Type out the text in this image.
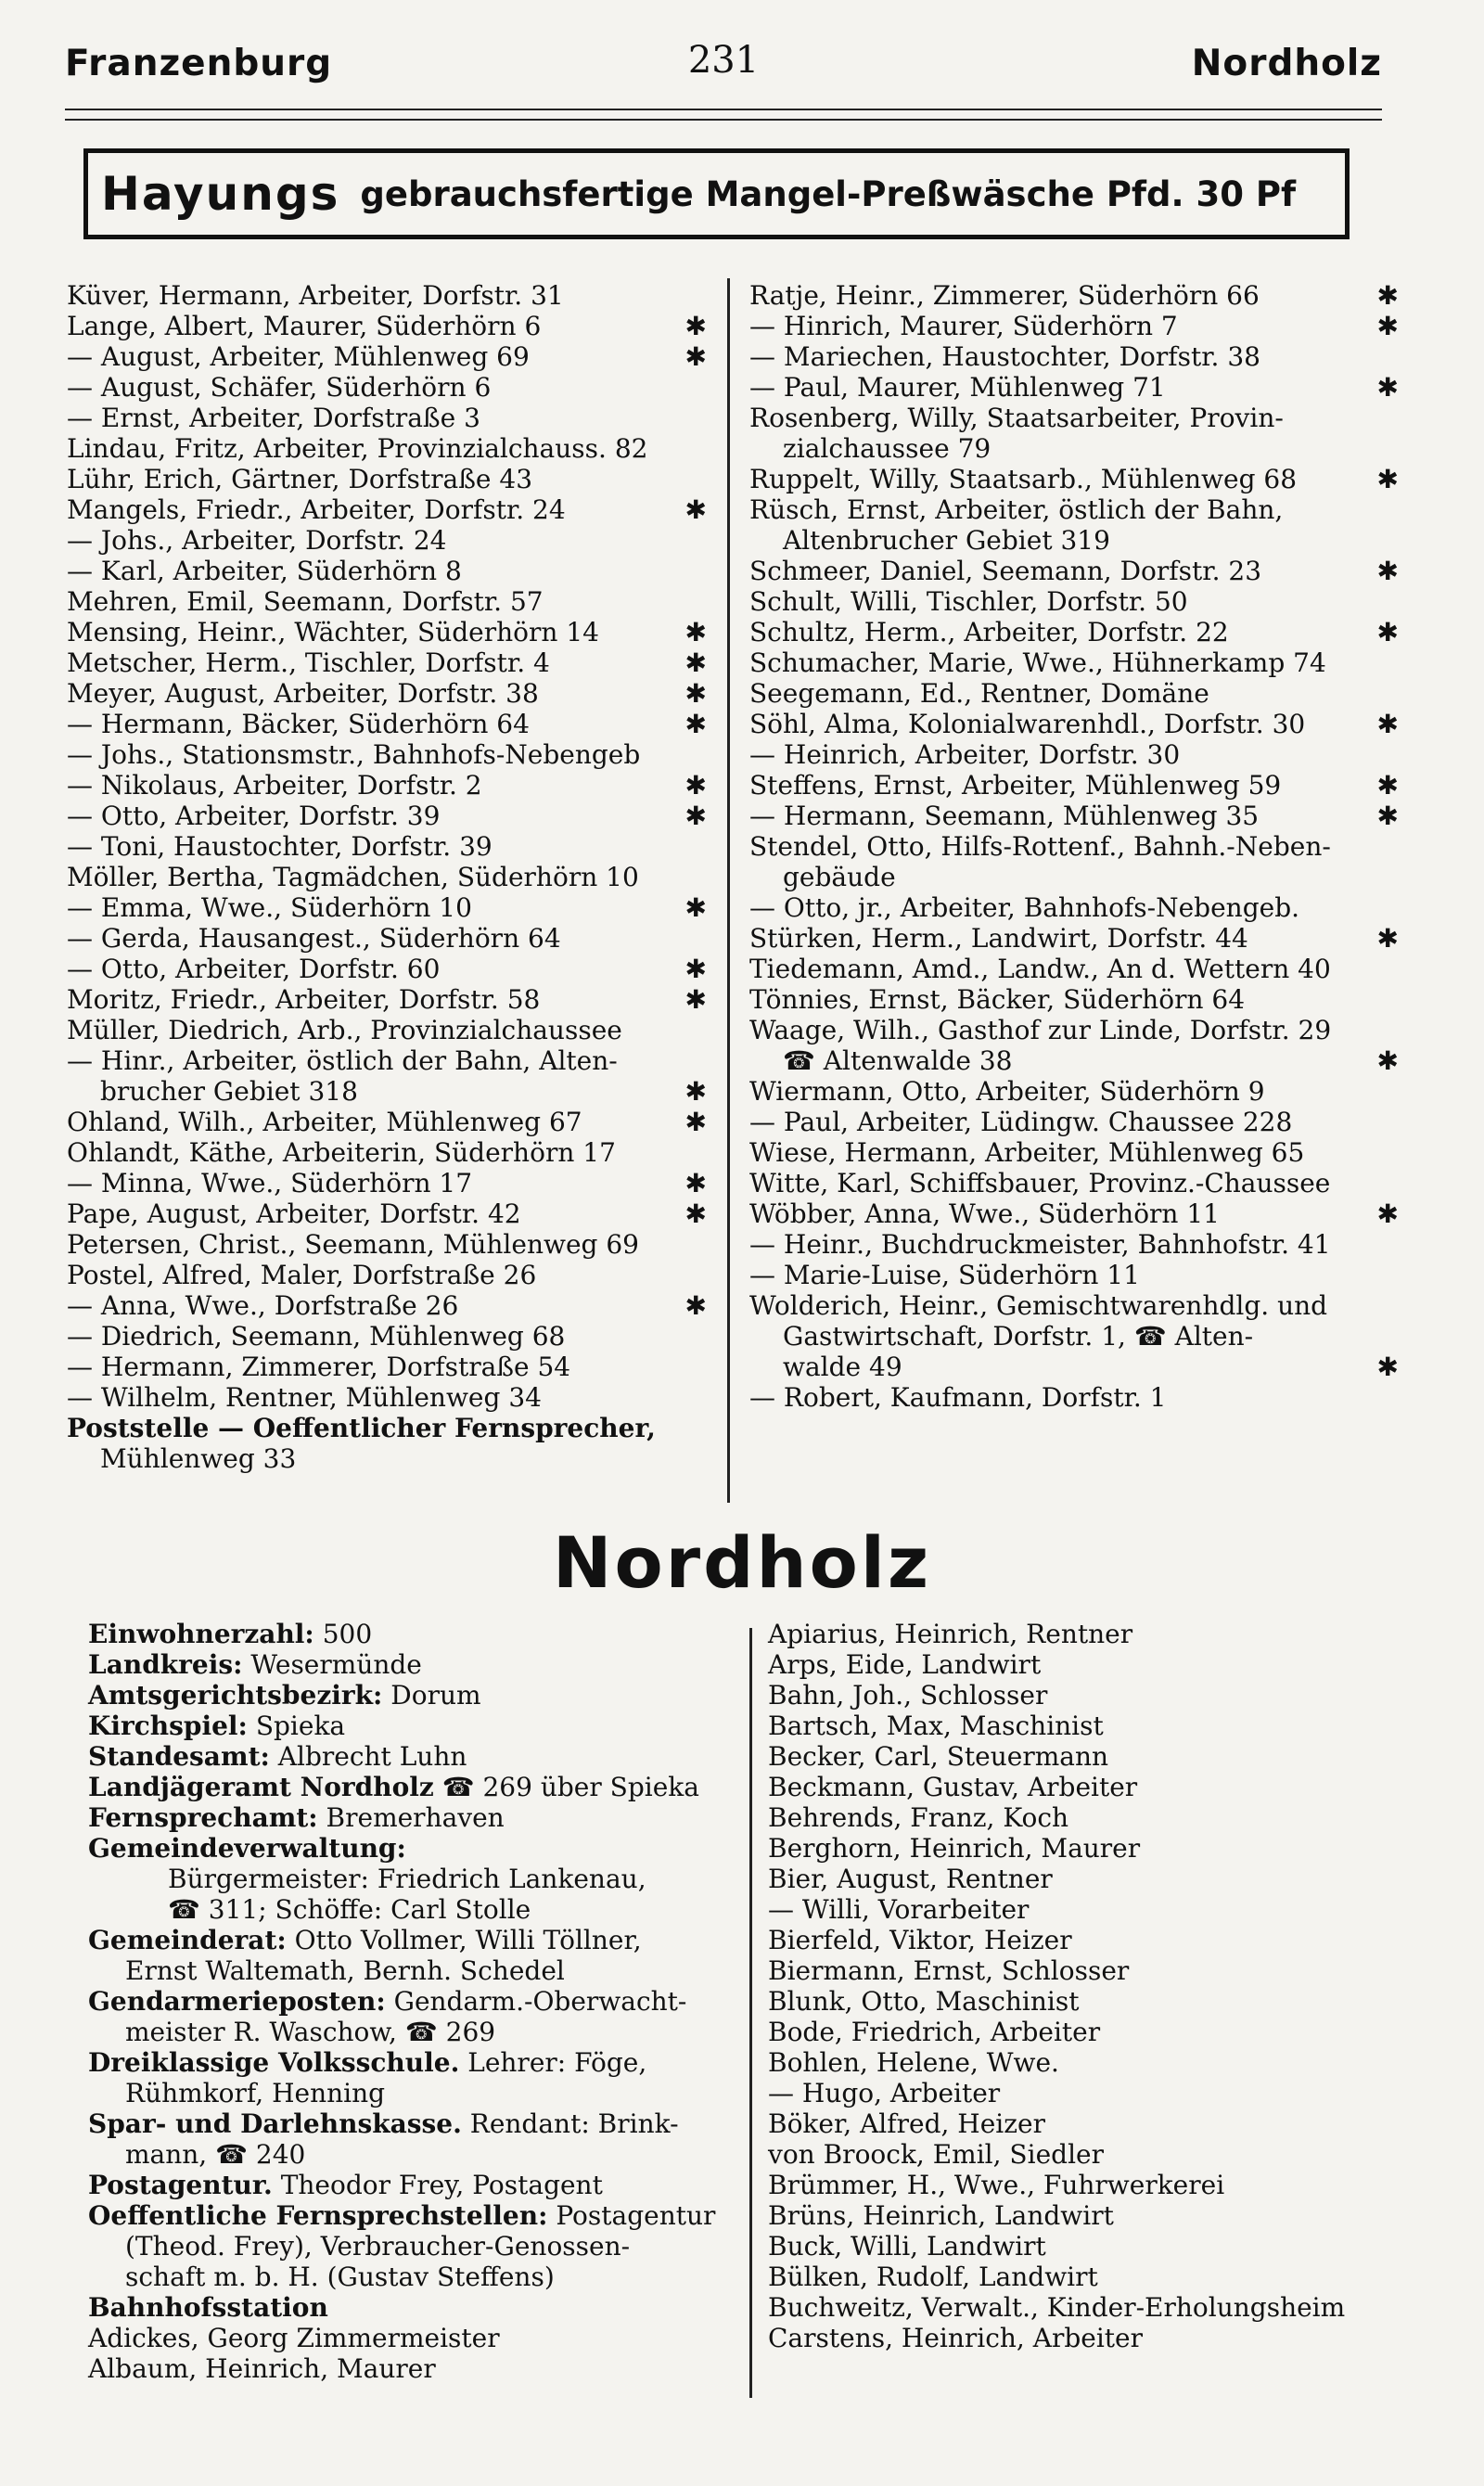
Franzenburg	231	Nordholz
Hayungs gebrauchsfertige Mangel-Preßwäsche Pfd. 30 Pf
Küver, Hermann, Arbeiter, Dorfstr. 31
Lange, Albert, Maurer, Süderhörn 6	✱
— August, Arbeiter, Mühlenweg 69	✱
— August, Schäfer, Süderhörn 6
— Ernst, Arbeiter, Dorfstraße 3
Lindau, Fritz, Arbeiter, Provinzialchauss. 82
Lühr, Erich, Gärtner, Dorfstraße 43
Mangels, Friedr., Arbeiter, Dorfstr. 24	✱
— Johs., Arbeiter, Dorfstr. 24
— Karl, Arbeiter, Süderhörn 8
Mehren, Emil, Seemann, Dorfstr. 57
Mensing, Heinr., Wächter, Süderhörn 14	✱
Metscher, Herm., Tischler, Dorfstr. 4	✱
Meyer, August, Arbeiter, Dorfstr. 38	✱
— Hermann, Bäcker, Süderhörn 64	✱
— Johs., Stationsmstr., Bahnhofs-Nebengeb
— Nikolaus, Arbeiter, Dorfstr. 2	✱
— Otto, Arbeiter, Dorfstr. 39	✱
— Toni, Haustochter, Dorfstr. 39
Möller, Bertha, Tagmädchen, Süderhörn 10
— Emma, Wwe., Süderhörn 10	✱
— Gerda, Hausangest., Süderhörn 64
— Otto, Arbeiter, Dorfstr. 60	✱
Moritz, Friedr., Arbeiter, Dorfstr. 58	✱
Müller, Diedrich, Arb., Provinzialchaussee
— Hinr., Arbeiter, östlich der Bahn, Alten-
brucher Gebiet 318	✱
Ohland, Wilh., Arbeiter, Mühlenweg 67	✱
Ohlandt, Käthe, Arbeiterin, Süderhörn 17
— Minna, Wwe., Süderhörn 17	✱
Pape, August, Arbeiter, Dorfstr. 42	✱
Petersen, Christ., Seemann, Mühlenweg 69
Postel, Alfred, Maler, Dorfstraße 26
— Anna, Wwe., Dorfstraße 26	✱
— Diedrich, Seemann, Mühlenweg 68
— Hermann, Zimmerer, Dorfstraße 54
— Wilhelm, Rentner, Mühlenweg 34
Poststelle — Oeffentlicher Fernsprecher,
Mühlenweg 33
Ratje, Heinr., Zimmerer, Süderhörn 66	✱
— Hinrich, Maurer, Süderhörn 7	✱
— Mariechen, Haustochter, Dorfstr. 38
— Paul, Maurer, Mühlenweg 71	✱
Rosenberg, Willy, Staatsarbeiter, Provin-
zialchaussee 79
Ruppelt, Willy, Staatsarb., Mühlenweg 68	✱
Rüsch, Ernst, Arbeiter, östlich der Bahn,
Altenbrucher Gebiet 319
Schmeer, Daniel, Seemann, Dorfstr. 23	✱
Schult, Willi, Tischler, Dorfstr. 50
Schultz, Herm., Arbeiter, Dorfstr. 22	✱
Schumacher, Marie, Wwe., Hühnerkamp 74
Seegemann, Ed., Rentner, Domäne
Söhl, Alma, Kolonialwarenhdl., Dorfstr. 30	✱
— Heinrich, Arbeiter, Dorfstr. 30
Steffens, Ernst, Arbeiter, Mühlenweg 59	✱
— Hermann, Seemann, Mühlenweg 35	✱
Stendel, Otto, Hilfs-Rottenf., Bahnh.-Neben-
gebäude
— Otto, jr., Arbeiter, Bahnhofs-Nebengeb.
Stürken, Herm., Landwirt, Dorfstr. 44	✱
Tiedemann, Amd., Landw., An d. Wettern 40
Tönnies, Ernst, Bäcker, Süderhörn 64
Waage, Wilh., Gasthof zur Linde, Dorfstr. 29
☎ Altenwalde 38	✱
Wiermann, Otto, Arbeiter, Süderhörn 9
— Paul, Arbeiter, Lüdingw. Chaussee 228
Wiese, Hermann, Arbeiter, Mühlenweg 65
Witte, Karl, Schiffsbauer, Provinz.-Chaussee
Wöbber, Anna, Wwe., Süderhörn 11	✱
— Heinr., Buchdruckmeister, Bahnhofstr. 41
— Marie-Luise, Süderhörn 11
Wolderich, Heinr., Gemischtwarenhdlg. und
Gastwirtschaft, Dorfstr. 1, ☎ Alten-
walde 49	✱
— Robert, Kaufmann, Dorfstr. 1
Nordholz
Einwohnerzahl: 500
Landkreis: Wesermünde
Amtsgerichtsbezirk: Dorum
Kirchspiel: Spieka
Standesamt: Albrecht Luhn
Landjägeramt Nordholz ☎ 269 über Spieka
Fernsprechamt: Bremerhaven
Gemeindeverwaltung:
Bürgermeister: Friedrich Lankenau,
☎ 311; Schöffe: Carl Stolle
Gemeinderat: Otto Vollmer, Willi Töllner,
Ernst Waltemath, Bernh. Schedel
Gendarmerieposten: Gendarm.-Oberwacht-
meister R. Waschow, ☎ 269
Dreiklassige Volksschule. Lehrer: Föge,
Rühmkorf, Henning
Spar- und Darlehnskasse. Rendant: Brink-
mann, ☎ 240
Postagentur. Theodor Frey, Postagent
Oeffentliche Fernsprechstellen: Postagentur
(Theod. Frey), Verbraucher-Genossen-
schaft m. b. H. (Gustav Steffens)
Bahnhofsstation
Adickes, Georg Zimmermeister
Albaum, Heinrich, Maurer
Apiarius, Heinrich, Rentner
Arps, Eide, Landwirt
Bahn, Joh., Schlosser
Bartsch, Max, Maschinist
Becker, Carl, Steuermann
Beckmann, Gustav, Arbeiter
Behrends, Franz, Koch
Berghorn, Heinrich, Maurer
Bier, August, Rentner
— Willi, Vorarbeiter
Bierfeld, Viktor, Heizer
Biermann, Ernst, Schlosser
Blunk, Otto, Maschinist
Bode, Friedrich, Arbeiter
Bohlen, Helene, Wwe.
— Hugo, Arbeiter
Böker, Alfred, Heizer
von Broock, Emil, Siedler
Brümmer, H., Wwe., Fuhrwerkerei
Brüns, Heinrich, Landwirt
Buck, Willi, Landwirt
Bülken, Rudolf, Landwirt
Buchweitz, Verwalt., Kinder-Erholungsheim
Carstens, Heinrich, Arbeiter
